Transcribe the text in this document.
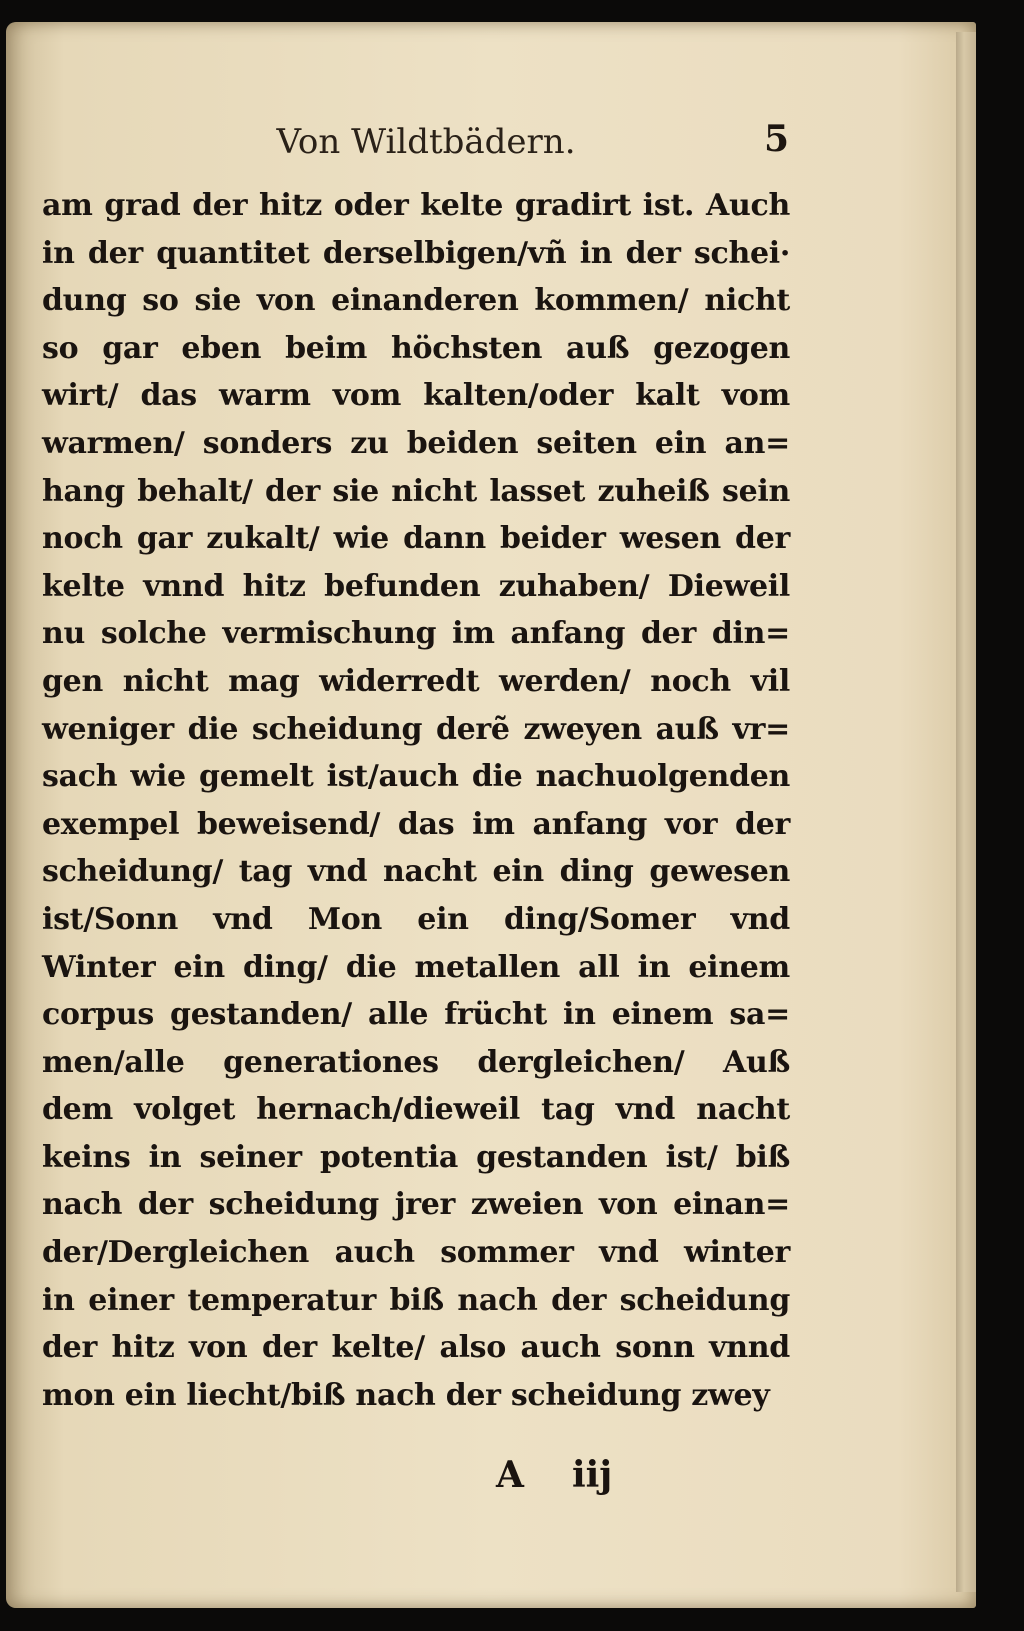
Von Wildtbädern.	5
am grad der hitz oder kelte gradirt ist. Auch
in der quantitet derselbigen/vñ in der schei·
dung so sie von einanderen kommen/ nicht
so gar eben beim höchsten auß gezogen
wirt/ das warm vom kalten/oder kalt vom
warmen/ sonders zu beiden seiten ein an=
hang behalt/ der sie nicht lasset zuheiß sein
noch gar zukalt/ wie dann beider wesen der
kelte vnnd hitz befunden zuhaben/ Dieweil
nu solche vermischung im anfang der din=
gen nicht mag widerredt werden/ noch vil
weniger die scheidung derẽ zweyen auß vr=
sach wie gemelt ist/auch die nachuolgenden
exempel beweisend/ das im anfang vor der
scheidung/ tag vnd nacht ein ding gewesen
ist/Sonn vnd Mon ein ding/Somer vnd
Winter ein ding/ die metallen all in einem
corpus gestanden/ alle frücht in einem sa=
men/alle generationes dergleichen/ Auß
dem volget hernach/dieweil tag vnd nacht
keins in seiner potentia gestanden ist/ biß
nach der scheidung jrer zweien von einan=
der/Dergleichen auch sommer vnd winter
in einer temperatur biß nach der scheidung
der hitz von der kelte/ also auch sonn vnnd
mon ein liecht/biß nach der scheidung zwey
A iij
